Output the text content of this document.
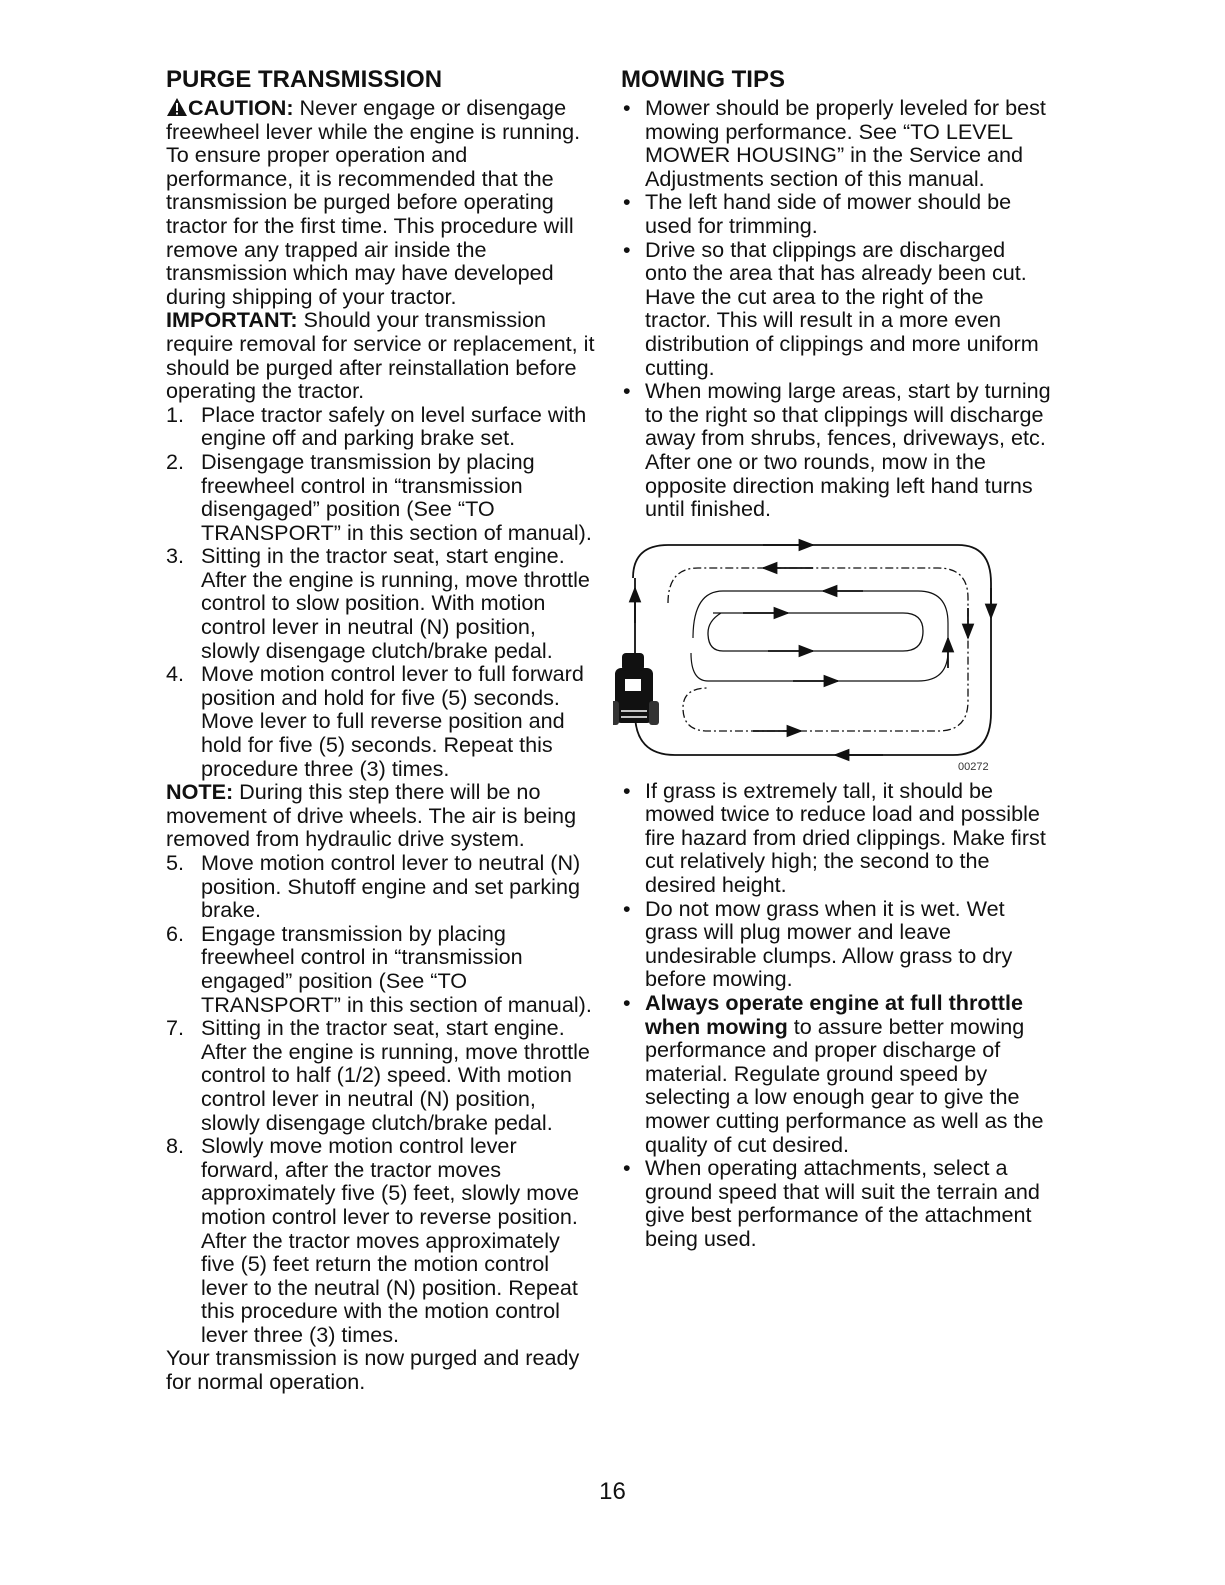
PURGE TRANSMISSION

CAUTION: Never engage or disengage freewheel lever while the engine is running.

To ensure proper operation and performance, it is recommended that the transmission be purged before operating tractor for the first time. This procedure will remove any trapped air inside the transmission which may have developed during shipping of your tractor.

IMPORTANT: Should your transmission require removal for service or replacement, it should be purged after reinstallation before operating the tractor.

1. Place tractor safely on level surface with engine off and parking brake set.
2. Disengage transmission by placing freewheel control in “transmission disengaged” position (See “TO TRANSPORT” in this section of manual).
3. Sitting in the tractor seat, start engine. After the engine is running, move throttle control to slow position. With motion control lever in neutral (N) position, slowly disengage clutch/brake pedal.
4. Move motion control lever to full forward position and hold for five (5) seconds. Move lever to full reverse position and hold for five (5) seconds. Repeat this procedure three (3) times.

NOTE: During this step there will be no movement of drive wheels. The air is being removed from hydraulic drive system.

5. Move motion control lever to neutral (N) position. Shutoff engine and set parking brake.
6. Engage transmission by placing freewheel control in “transmission engaged” position (See “TO TRANSPORT” in this section of manual).
7. Sitting in the tractor seat, start engine. After the engine is running, move throttle control to half (1/2) speed. With motion control lever in neutral (N) position, slowly disengage clutch/brake pedal.
8. Slowly move motion control lever forward, after the tractor moves approximately five (5) feet, slowly move motion control lever to reverse position. After the tractor moves approximately five (5) feet return the motion control lever to the neutral (N) position. Repeat this procedure with the motion control lever three (3) times.

Your transmission is now purged and ready for normal operation.

MOWING TIPS
• Mower should be properly leveled for best mowing performance. See “TO LEVEL MOWER HOUSING” in the Service and Adjustments section of this manual.
• The left hand side of mower should be used for trimming.
• Drive so that clippings are discharged onto the area that has already been cut. Have the cut area to the right of the tractor. This will result in a more even distribution of clippings and more uniform cutting.
• When mowing large areas, start by turning to the right so that clippings will discharge away from shrubs, fences, driveways, etc. After one or two rounds, mow in the opposite direction making left hand turns until finished.
00272
• If grass is extremely tall, it should be mowed twice to reduce load and possible fire hazard from dried clippings. Make first cut relatively high; the second to the desired height.
• Do not mow grass when it is wet. Wet grass will plug mower and leave undesirable clumps. Allow grass to dry before mowing.
• Always operate engine at full throttle when mowing to assure better mowing performance and proper discharge of material. Regulate ground speed by selecting a low enough gear to give the mower cutting performance as well as the quality of cut desired.
• When operating attachments, select a ground speed that will suit the terrain and give best performance of the attachment being used.
16
